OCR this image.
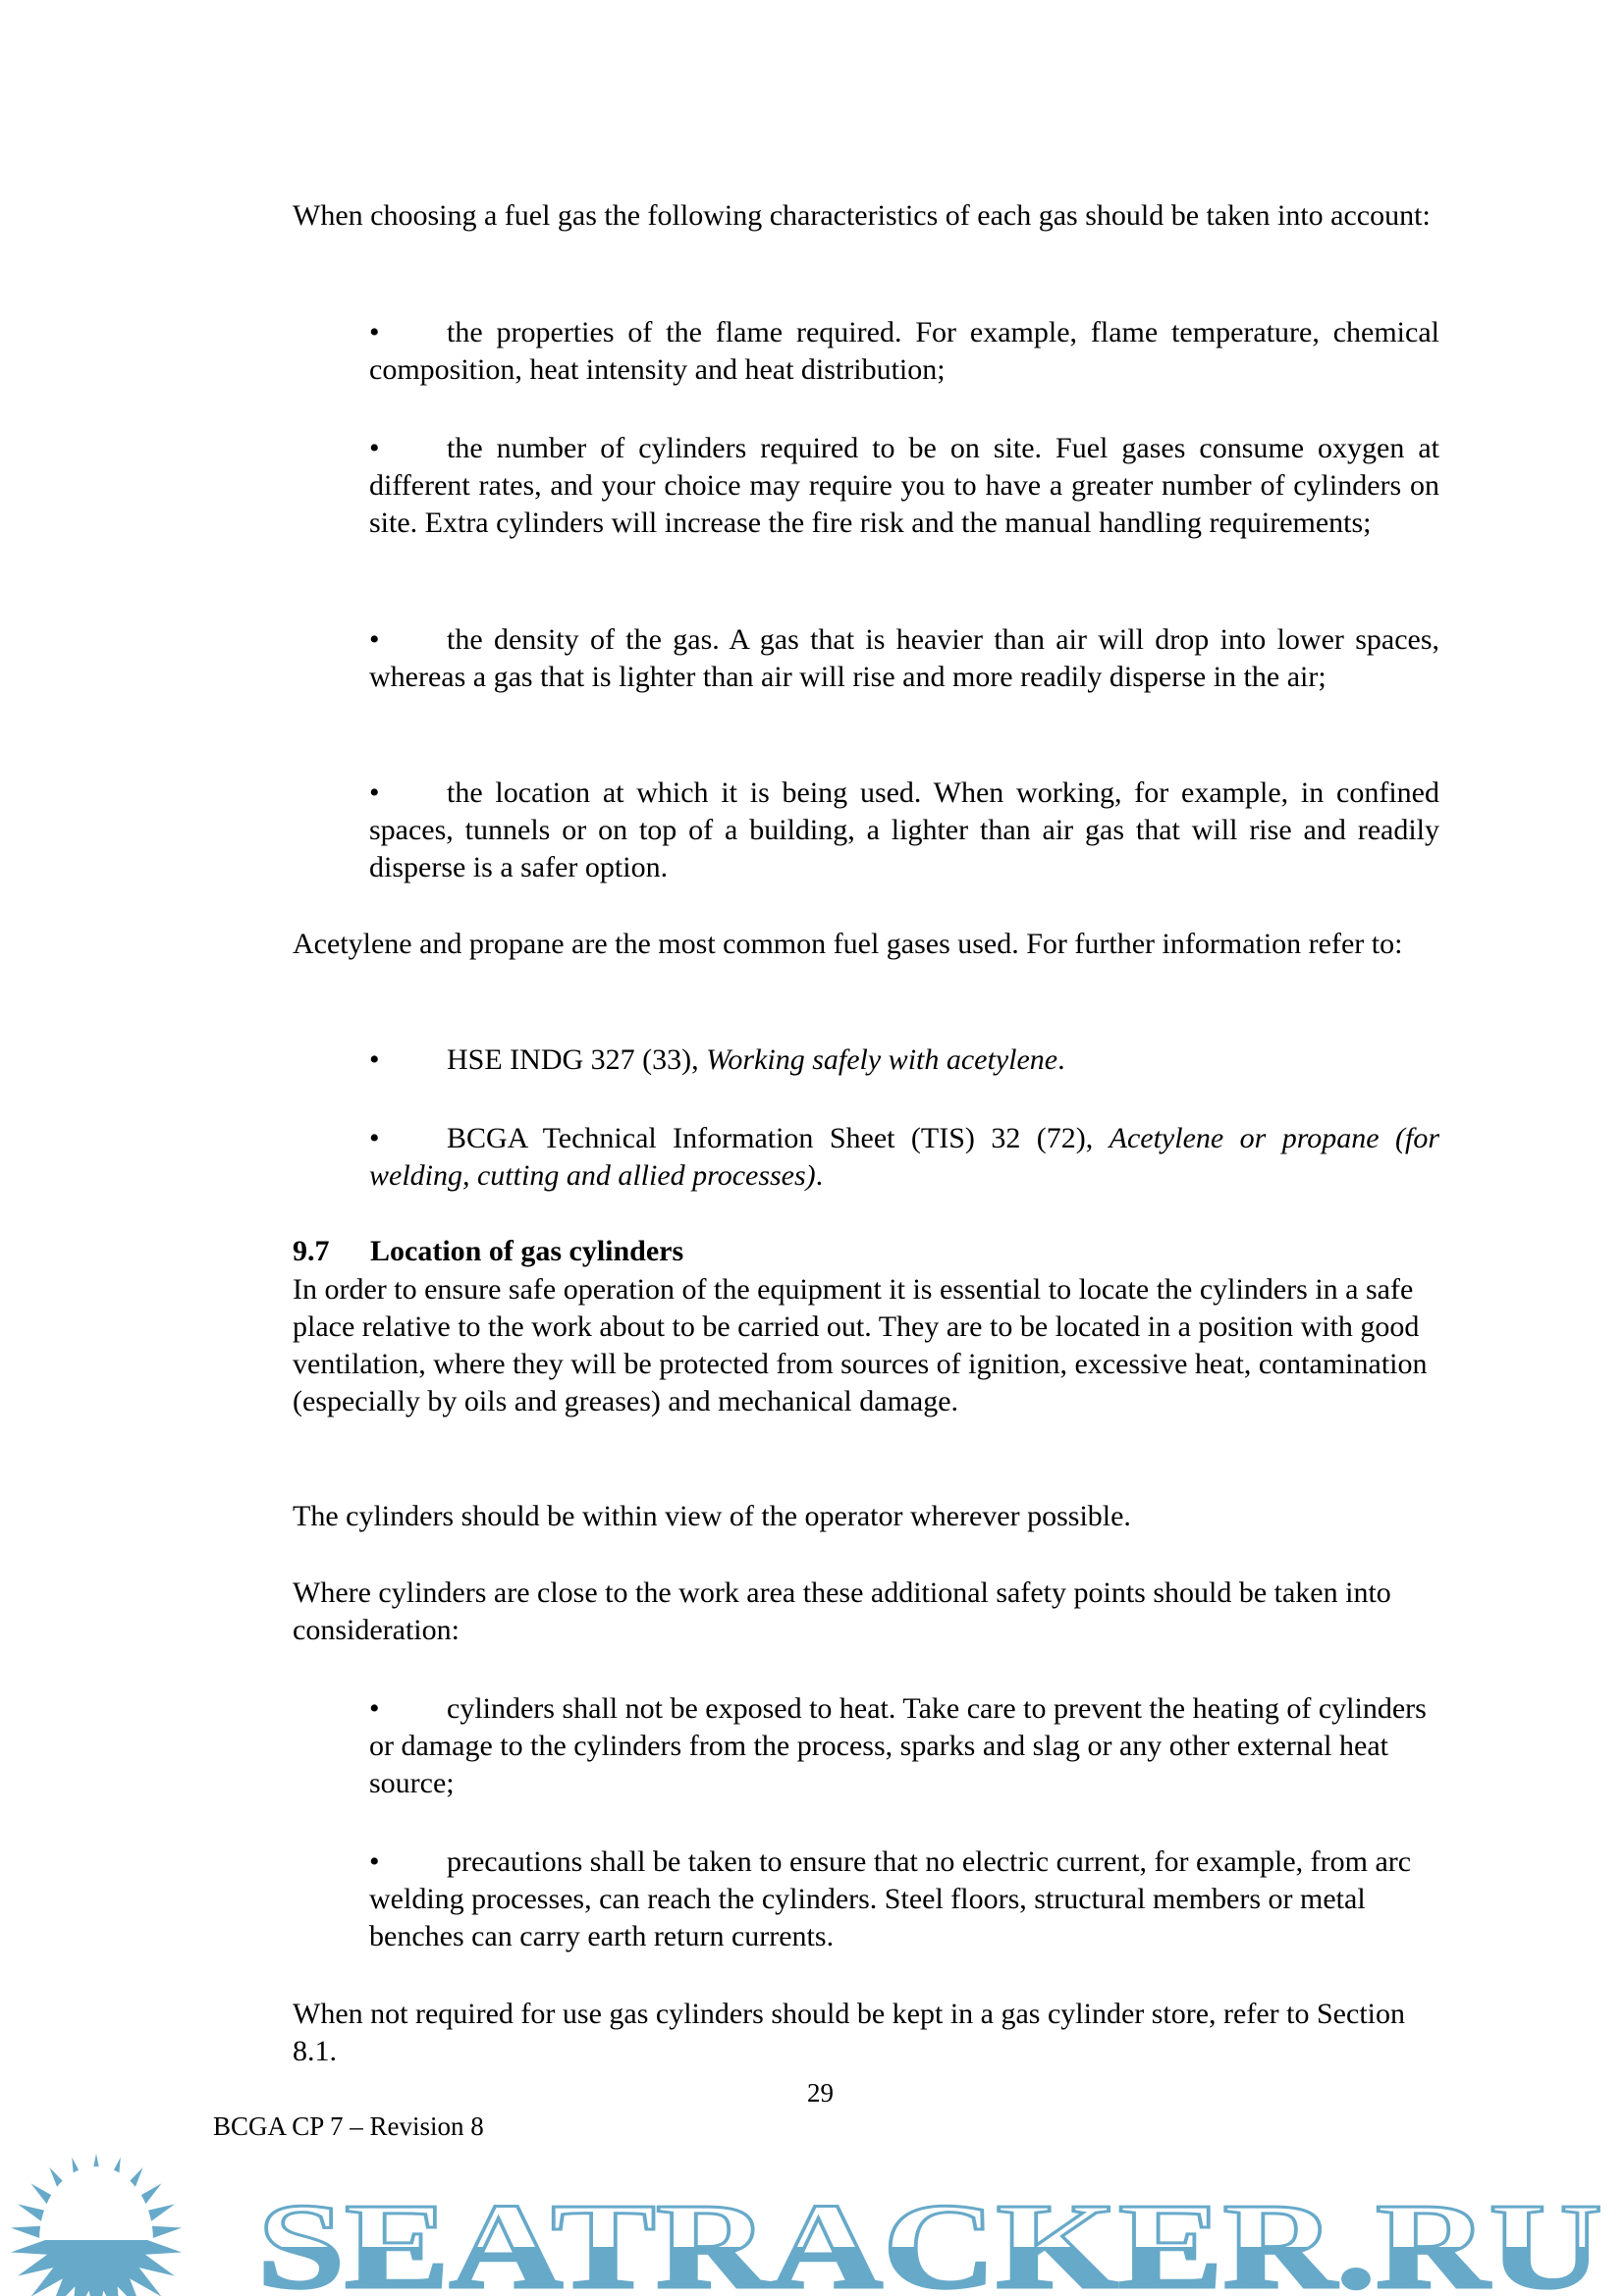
When choosing a fuel gas the following characteristics of each gas should be taken into account:
• the properties of the flame required. For example, flame temperature, chemical composition, heat intensity and heat distribution;
• the number of cylinders required to be on site. Fuel gases consume oxygen at different rates, and your choice may require you to have a greater number of cylinders on site. Extra cylinders will increase the fire risk and the manual handling requirements;
• the density of the gas. A gas that is heavier than air will drop into lower spaces, whereas a gas that is lighter than air will rise and more readily disperse in the air;
• the location at which it is being used. When working, for example, in confined spaces, tunnels or on top of a building, a lighter than air gas that will rise and readily disperse is a safer option.
Acetylene and propane are the most common fuel gases used. For further information refer to:
• HSE INDG 327 (33), Working safely with acetylene.
• BCGA Technical Information Sheet (TIS) 32 (72), Acetylene or propane (for welding, cutting and allied processes).
9.7 Location of gas cylinders
In order to ensure safe operation of the equipment it is essential to locate the cylinders in a safe place relative to the work about to be carried out. They are to be located in a position with good ventilation, where they will be protected from sources of ignition, excessive heat, contamination (especially by oils and greases) and mechanical damage.
The cylinders should be within view of the operator wherever possible.
Where cylinders are close to the work area these additional safety points should be taken into consideration:
• cylinders shall not be exposed to heat. Take care to prevent the heating of cylinders or damage to the cylinders from the process, sparks and slag or any other external heat source;
• precautions shall be taken to ensure that no electric current, for example, from arc welding processes, can reach the cylinders. Steel floors, structural members or metal benches can carry earth return currents.
When not required for use gas cylinders should be kept in a gas cylinder store, refer to Section 8.1.
29
BCGA CP 7 – Revision 8
SEATRACKER.RU
